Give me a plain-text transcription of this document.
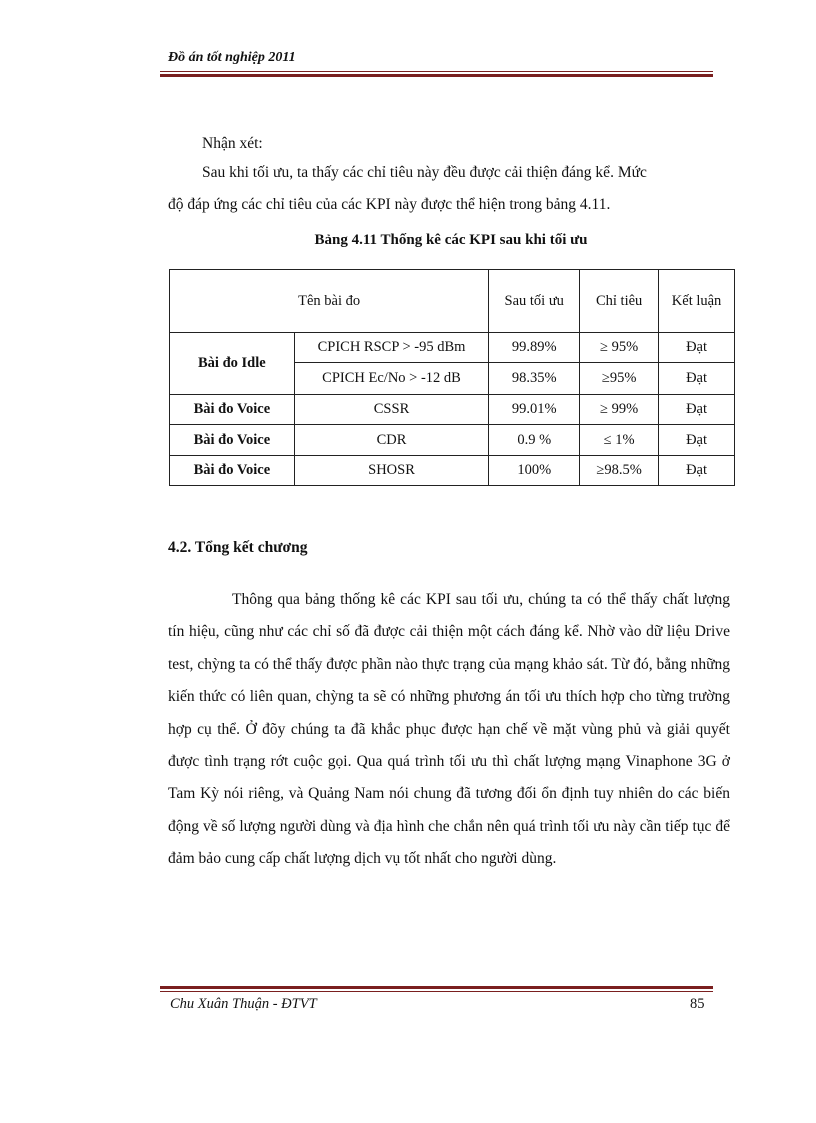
Đồ án tốt nghiệp 2011

Nhận xét:

Sau khi tối ưu, ta thấy các chỉ tiêu này đều được cải thiện đáng kể. Mức

độ đáp ứng các chỉ tiêu của các KPI này được thể hiện trong bảng 4.11.

Bảng 4.11 Thống kê các KPI sau khi tối ưu
Tên bài đo		Sau tối ưu	Chỉ tiêu	Kết luận
Bài đo Idle	CPICH RSCP > -95 dBm	99.89%	≥ 95%	Đạt
	CPICH Ec/No > -12 dB	98.35%	≥95%	Đạt
Bài đo Voice	CSSR	99.01%	≥ 99%	Đạt
Bài đo Voice	CDR	0.9 %	≤ 1%	Đạt
Bài đo Voice	SHOSR	100%	≥98.5%	Đạt
4.2. Tổng kết chương

Thông qua bảng thống kê các KPI sau tối ưu, chúng ta có thể thấy chất lượng tín hiệu, cũng như các chỉ số đã được cải thiện một cách đáng kể. Nhờ vào dữ liệu Drive test, chỳng ta có thể thấy được phần nào thực trạng của mạng khảo sát. Từ đó, bằng những kiến thức có liên quan, chỳng ta sẽ có những phương án tối ưu thích hợp cho từng trường hợp cụ thể. Ở đõy chúng ta đã khắc phục được hạn chế về mặt vùng phủ và giải quyết được tình trạng rớt cuộc gọi. Qua quá trình tối ưu thì chất lượng mạng Vinaphone 3G ở Tam Kỳ nói riêng, và Quảng Nam nói chung đã tương đối ổn định tuy nhiên do các biến động về số lượng người dùng và địa hình che chắn nên quá trình tối ưu này cần tiếp tục để đảm bảo cung cấp chất lượng dịch vụ tốt nhất cho người dùng.

Chu Xuân Thuận - ĐTVT	85
